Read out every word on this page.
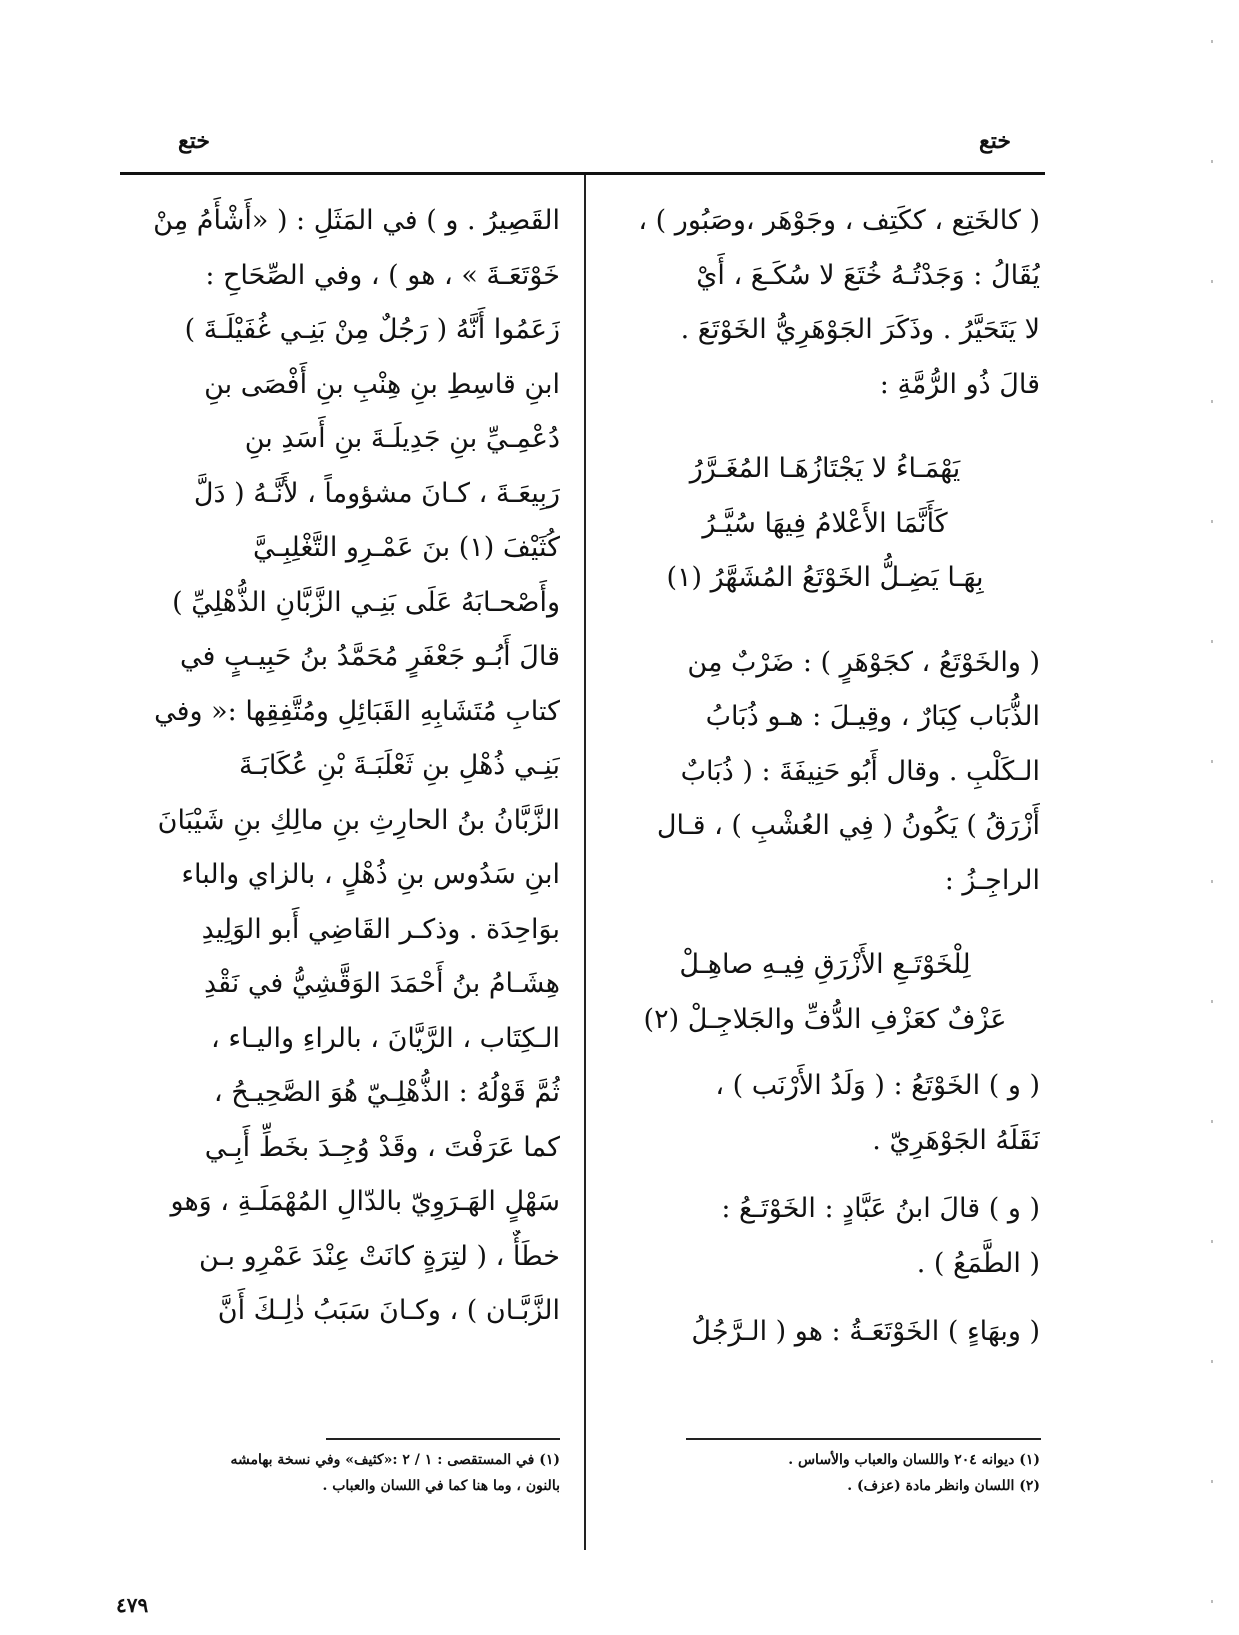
ختع
ختع
( كالخَتِع ، ككَتِف ، وجَوْهَر ،وصَبُور ) ،
يُقَالُ : وَجَدْتُـهُ خُتَعَ لا سُكَـعَ ، أَيْ
لا يَتَحَيَّرُ . وذَكَرَ الجَوْهَرِيُّ الخَوْتَعَ .
قالَ ذُو الرُّمَّةِ :
يَهْمَـاءُ لا يَجْتَازُهَـا المُغَـرَّرُ
كَأَنَّمَا الأَعْلامُ فِيهَا سُيَّـرُ
بِهَـا يَضِـلُّ الخَوْتَعُ المُشَهَّرُ (١)
( والخَوْتَعُ ، كجَوْهَرٍ ) : ضَرْبٌ مِن
الذُّبَاب كِبَارٌ ، وقِيـلَ : هـو ذُبَابُ
الـكَلْبِ . وقال أَبُو حَنِيفَةَ : ( ذُبَابٌ
أَزْرَقُ ) يَكُونُ ( فِي العُشْبِ ) ، قـال
الراجِـزُ :
لِلْخَوْتَـعِ الأَزْرَقِ فِيـهِ صاهِـلْ
عَزْفٌ كعَزْفِ الدُّفِّ والجَلاجِـلْ (٢)
( و ) الخَوْتَعُ : ( وَلَدُ الأَرْنَب ) ،
نَقَلَهُ الجَوْهَرِيّ .
( و ) قالَ ابنُ عَبَّادٍ : الخَوْتَـعُ :
( الطَّمَعُ ) .
( وبهَاءٍ ) الخَوْتَعَـةُ : هو ( الـرَّجُلُ
القَصِيرُ . و ) في المَثَلِ : ( «أَشْأَمُ مِنْ
خَوْتَعَـةَ » ، هو ) ، وفي الصِّحَاحِ :
زَعَمُوا أَنَّهُ ( رَجُلٌ مِنْ بَنِـي غُفَيْلَـةَ )
ابنِ قاسِطِ بنِ هِنْبِ بنِ أَفْصَى بنِ
دُعْمِـيِّ بنِ جَدِيلَـةَ بنِ أَسَدِ بنِ
رَبِيعَـةَ ، كـانَ مشؤوماً ، لأَنَّـهُ ( دَلَّ
كُثَيْفَ (١) بنَ عَمْـرِو التَّغْلِبِـيَّ
وأَصْحـابَهُ عَلَى بَنِـي الزَّبَّانِ الذُّهْلِيِّ )
قالَ أَبُـو جَعْفَرٍ مُحَمَّدُ بنُ حَبِيـبٍ في
كتابِ مُتَشَابِهِ القَبَائِلِ ومُتَّفِقِها :« وفي
بَنِـي ذُهْلِ بنِ ثَعْلَبَـةَ بْنِ عُكَابَـةَ
الزَّبَّانُ بنُ الحارِثِ بنِ مالِكِ بنِ شَيْبَانَ
ابنِ سَدُوس بنِ ذُهْلٍ ، بالزاي والباء
بوَاحِدَة . وذكـر القَاضِي أَبو الوَلِيدِ
هِشَـامُ بنُ أَحْمَدَ الوَقَّشِيُّ في نَقْدِ
الـكِتَاب ، الرَّيَّانَ ، بالراءِ واليـاء ،
ثُمَّ قَوْلُهُ : الذُّهْلِـيّ هُوَ الصَّحِيـحُ ،
كما عَرَفْتَ ، وقَدْ وُجِـدَ بخَطِّ أَبِـي
سَهْلٍ الهَـرَوِيّ بالدّالِ المُهْمَلَـةِ ، وَهو
خطَأٌ ، ( لتِرَةٍ كانَتْ عِنْدَ عَمْرِو بـن
الزَّبَّـان ) ، وكـانَ سَبَبُ ذٰلِـكَ أَنَّ
(١) ديوانه ٢٠٤ واللسان والعباب والأساس .
(٢) اللسان وانظر مادة (عزف) .
(١) في المستقصى : ١ / ٢ :«كثيف» وفي نسخة بهامشه
بالنون ، وما هنا كما في اللسان والعباب .
٤٧٩
